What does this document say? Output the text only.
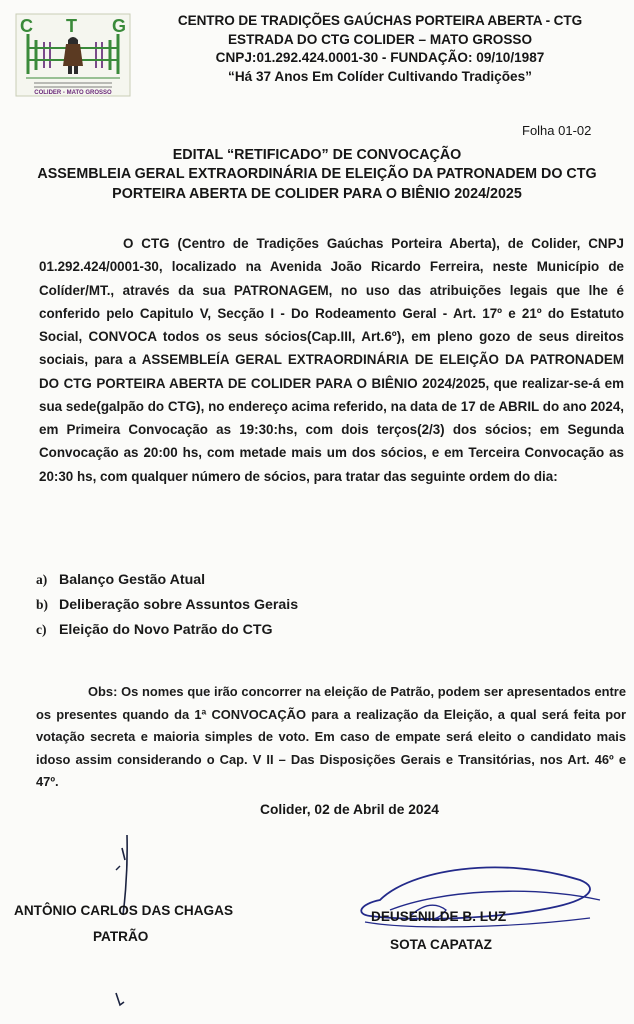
C T G
COLIDER - MATO GROSSO
CENTRO DE TRADIÇÕES GAÚCHAS PORTEIRA ABERTA - CTG
ESTRADA DO CTG COLIDER – MATO GROSSO
CNPJ:01.292.424.0001-30 - FUNDAÇÃO: 09/10/1987
“Há 37 Anos Em Colíder Cultivando Tradições”
Folha 01-02
EDITAL “RETIFICADO” DE CONVOCAÇÃO
ASSEMBLEIA GERAL EXTRAORDINÁRIA DE ELEIÇÃO DA PATRONADEM DO CTG
PORTEIRA ABERTA DE COLIDER PARA O BIÊNIO 2024/2025

O CTG (Centro de Tradições Gaúchas Porteira Aberta), de Colider, CNPJ 01.292.424/0001-30, localizado na Avenida João Ricardo Ferreira, neste Município de Colíder/MT., através da sua PATRONAGEM, no uso das atribuições legais que lhe é conferido pelo Capitulo V, Secção I - Do Rodeamento Geral - Art. 17º e 21º do Estatuto Social, CONVOCA todos os seus sócios(Cap.III, Art.6º), em pleno gozo de seus direitos sociais, para a ASSEMBLEÍA GERAL EXTRAORDINÁRIA DE ELEIÇÃO DA PATRONADEM DO CTG PORTEIRA ABERTA DE COLIDER PARA O BIÊNIO 2024/2025, que realizar-se-á em sua sede(galpão do CTG), no endereço acima referido, na data de 17 de ABRIL do ano 2024, em Primeira Convocação as 19:30:hs, com dois terços(2/3) dos sócios; em Segunda Convocação as 20:00 hs, com metade mais um dos sócios, e em Terceira Convocação as 20:30 hs, com qualquer número de sócios, para tratar das seguinte ordem do dia:

a) Balanço Gestão Atual
b) Deliberação sobre Assuntos Gerais
c) Eleição do Novo Patrão do CTG

Obs: Os nomes que irão concorrer na eleição de Patrão, podem ser apresentados entre os presentes quando da 1ª CONVOCAÇÃO para a realização da Eleição, a qual será feita por votação secreta e maioria simples de voto. Em caso de empate será eleito o candidato mais idoso assim considerando o Cap. V II – Das Disposições Gerais e Transitórias, nos Art. 46º e 47º.

Colider, 02 de Abril de 2024
ANTÔNIO CARLOS DAS CHAGAS
PATRÃO
DEUSENILDE B. LUZ
SOTA CAPATAZ
